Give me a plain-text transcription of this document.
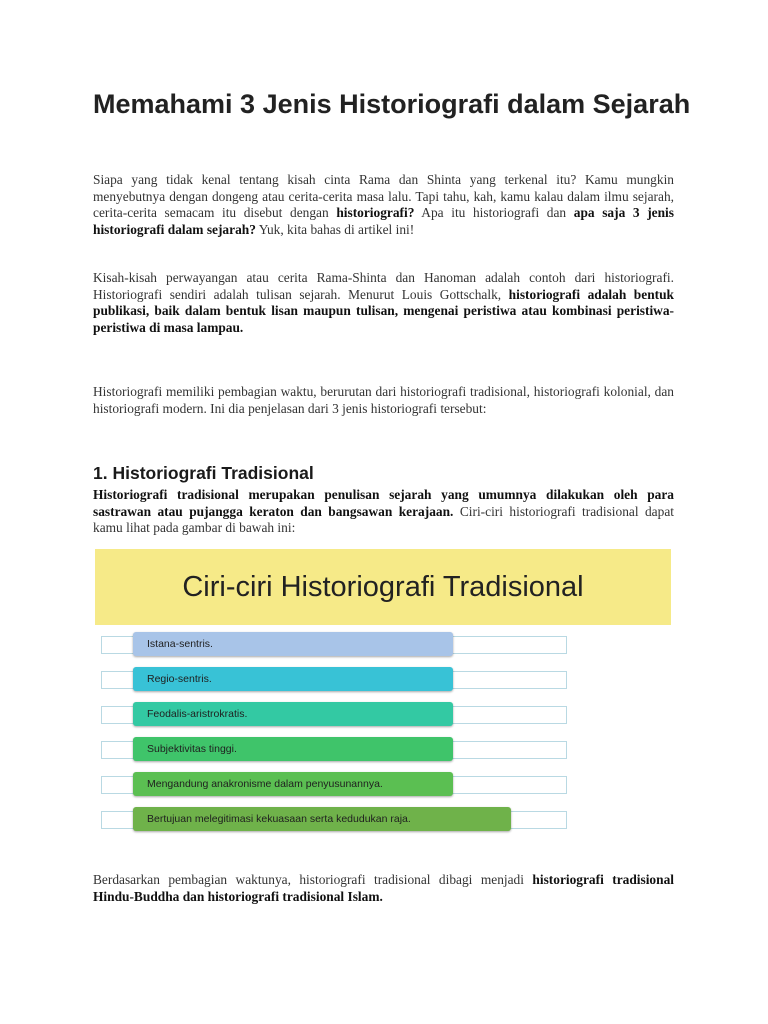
Memahami 3 Jenis Historiografi dalam Sejarah

Siapa yang tidak kenal tentang kisah cinta Rama dan Shinta yang terkenal itu? Kamu mungkin menyebutnya dengan dongeng atau cerita-cerita masa lalu. Tapi tahu, kah, kamu kalau dalam ilmu sejarah, cerita-cerita semacam itu disebut dengan historiografi? Apa itu historiografi dan apa saja 3 jenis historiografi dalam sejarah? Yuk, kita bahas di artikel ini!

Kisah-kisah perwayangan atau cerita Rama-Shinta dan Hanoman adalah contoh dari historiografi. Historiografi sendiri adalah tulisan sejarah. Menurut Louis Gottschalk, historiografi adalah bentuk publikasi, baik dalam bentuk lisan maupun tulisan, mengenai peristiwa atau kombinasi peristiwa-peristiwa di masa lampau.

Historiografi memiliki pembagian waktu, berurutan dari historiografi tradisional, historiografi kolonial, dan historiografi modern. Ini dia penjelasan dari 3 jenis historiografi tersebut:

1. Historiografi Tradisional

Historiografi tradisional merupakan penulisan sejarah yang umumnya dilakukan oleh para sastrawan atau pujangga keraton dan bangsawan kerajaan. Ciri-ciri historiografi tradisional dapat kamu lihat pada gambar di bawah ini:

Berdasarkan pembagian waktunya, historiografi tradisional dibagi menjadi historiografi tradisional Hindu-Buddha dan historiografi tradisional Islam.

Ciri-ciri Historiografi Tradisional
Istana-sentris.
Regio-sentris.
Feodalis-aristrokratis.
Subjektivitas tinggi.
Mengandung anakronisme dalam penyusunannya.
Bertujuan melegitimasi kekuasaan serta kedudukan raja.
